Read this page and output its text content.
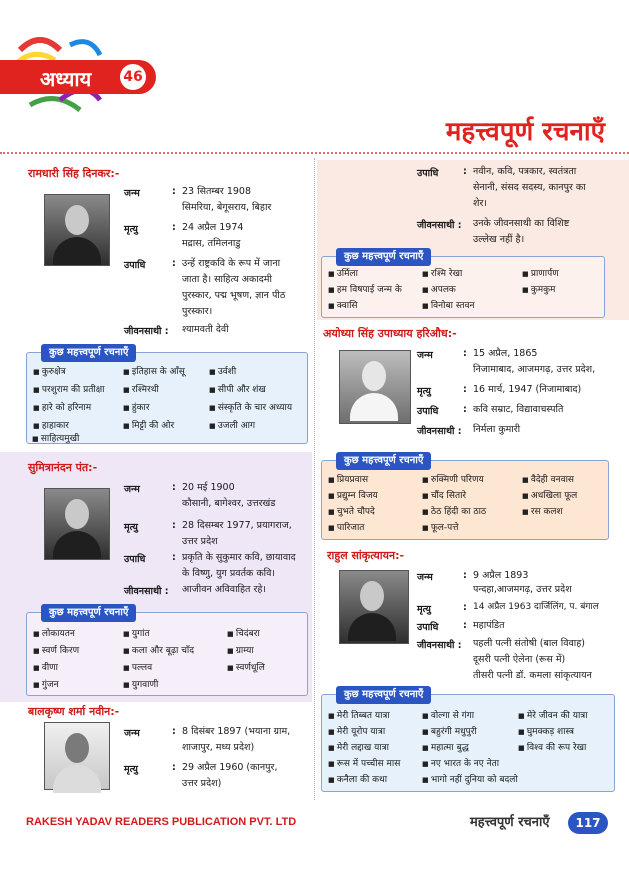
अध्याय 46
महत्त्वपूर्ण रचनाएँ
रामधारी सिंह दिनकर:-
जन्म	: 23 सितम्बर 1908
सिमरिया, बेगूसराय, बिहार
मृत्यु	: 24 अप्रैल 1974
मद्रास, तमिलनाडु
उपाधि	: उन्हें राष्ट्रकवि के रूप में जाना
जाता है। साहित्य अकादमी
पुरस्कार, पद्म भूषण, ज्ञान पीठ
पुरस्कार।
जीवनसाथी : श्यामवती देवी
कुछ महत्त्वपूर्ण रचनाएँ
■ कुरुक्षेत्र	■ इतिहास के आँसू	■ उर्वशी
■ परशुराम की प्रतीक्षा	■ रश्मिरथी	■ सीपी और शंख
■ हारे को हरिनाम	■ हुंकार	■ संस्कृति के चार अध्याय
■ हाहाकार	■ मिट्टी की ओर	■ उजली आग
■ साहित्यमुखी
सुमित्रानंदन पंत:-
जन्म	: 20 मई 1900
कौसानी, बागेश्वर, उत्तरखंड
मृत्यु	: 28 दिसम्बर 1977, प्रयागराज,
उत्तर प्रदेश
उपाधि	: प्रकृति के सुकुमार कवि, छायावाद
के विष्णु, युग प्रवर्तक कवि।
जीवनसाथी : आजीवन अविवाहित रहे।
कुछ महत्त्वपूर्ण रचनाएँ
■ लोकायतन	■ युगांत	■ चिदंबरा
■ स्वर्ण किरण	■ कला और बूढ़ा चाँद	■ ग्राम्या
■ वीणा	■ पल्लव	■ स्वर्णधूलि
■ गुंजन	■ युगवाणी
बालकृष्ण शर्मा नवीन:-
जन्म	: 8 दिसंबर 1897 (भयाना ग्राम,
शाजापुर, मध्य प्रदेश)
मृत्यु	: 29 अप्रैल 1960 (कानपुर,
उत्तर प्रदेश)
उपाधि	: नवीन, कवि, पत्रकार, स्वतंत्रता
सेनानी, संसद सदस्य, कानपुर का
शेर।
जीवनसाथी : उनके जीवनसाथी का विशिष्ट
उल्लेख नहीं है।
कुछ महत्त्वपूर्ण रचनाएँ
■ उर्मिला	■ रश्मि रेखा	■ प्राणार्पण
■ हम विषपाई जन्म के	■ अपलक	■ कुमकुम
■ क्वासि	■ विनोबा स्तवन
अयोध्या सिंह उपाध्याय हरिऔध:-
जन्म	: 15 अप्रैल, 1865
निजामाबाद, आजमगढ़, उत्तर प्रदेश,
मृत्यु	: 16 मार्च, 1947 (निजामाबाद)
उपाधि	: कवि सम्राट, विद्यावाचस्पति
जीवनसाथी : निर्मला कुमारी
कुछ महत्त्वपूर्ण रचनाएँ
■ प्रियप्रवास	■ रुक्मिणी परिणय	■ वैदेही वनवास
■ प्रद्युम्न विजय	■ चौंद सितारे	■ अधखिला फूल
■ चुभते चौपदे	■ ठेठ हिंदी का ठाठ	■ रस कलश
■ पारिजात	■ फूल-पत्ते
राहुल सांकृत्यायन:-
जन्म	: 9 अप्रैल 1893
पन्दहा,आजमगढ़, उत्तर प्रदेश
मृत्यु	: 14 अप्रैल 1963 दार्जिलिंग, प. बंगाल
उपाधि	: महापंडित
जीवनसाथी : पहली पत्नी संतोषी (बाल विवाह)
दूसरी पत्नी ऐलेना (रूस में)
तीसरी पत्नी डॉ. कमला सांकृत्यायन
कुछ महत्त्वपूर्ण रचनाएँ
■ मेरी तिब्बत यात्रा	■ वोल्गा से गंगा	■ मेरे जीवन की यात्रा
■ मेरी यूरोप यात्रा	■ बहुरंगी मधुपुरी	■ घुमक्कड़ शास्त्र
■ मेरी लद्दाख यात्रा	■ महात्मा बुद्ध	■ विश्व की रूप रेखा
■ रूस में पच्चीस मास	■ नए भारत के नए नेता
■ कनैला की कथा	■ भागो नहीं दुनिया को बदलो
RAKESH YADAV READERS PUBLICATION PVT. LTD	महत्त्वपूर्ण रचनाएँ	117
